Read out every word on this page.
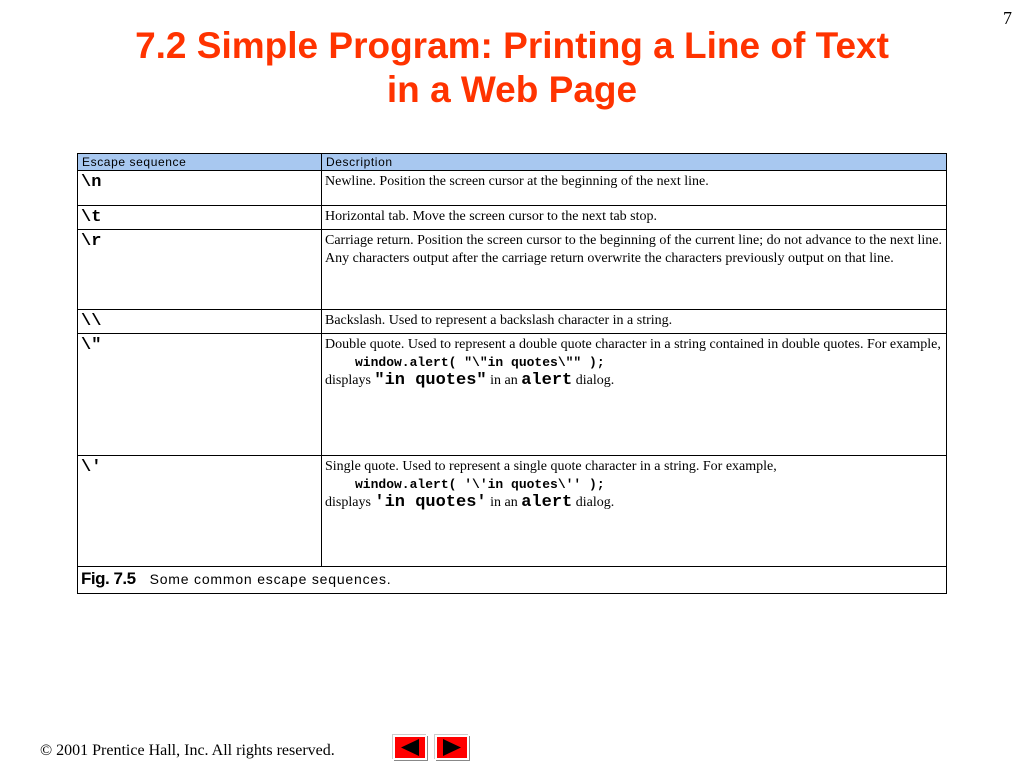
7
7.2 Simple Program: Printing a Line of Text
in a Web Page
Escape sequence	Description
\n	Newline. Position the screen cursor at the beginning of the next line.
\t	Horizontal tab. Move the screen cursor to the next tab stop.
\r	Carriage return. Position the screen cursor to the beginning of the current line; do not advance to the next line. Any characters output after the carriage return overwrite the characters previously output on that line.
\\	Backslash. Used to represent a backslash character in a string.
\"	Double quote. Used to represent a double quote character in a string contained in double quotes. For example,
window.alert( "\"in quotes\"" );
displays "in quotes" in an alert dialog.

\'	Single quote. Used to represent a single quote character in a string. For example,
window.alert( '\'in quotes\'' );
displays 'in quotes' in an alert dialog.

Fig. 7.5 Some common escape sequences.	
© 2001 Prentice Hall, Inc. All rights reserved.
